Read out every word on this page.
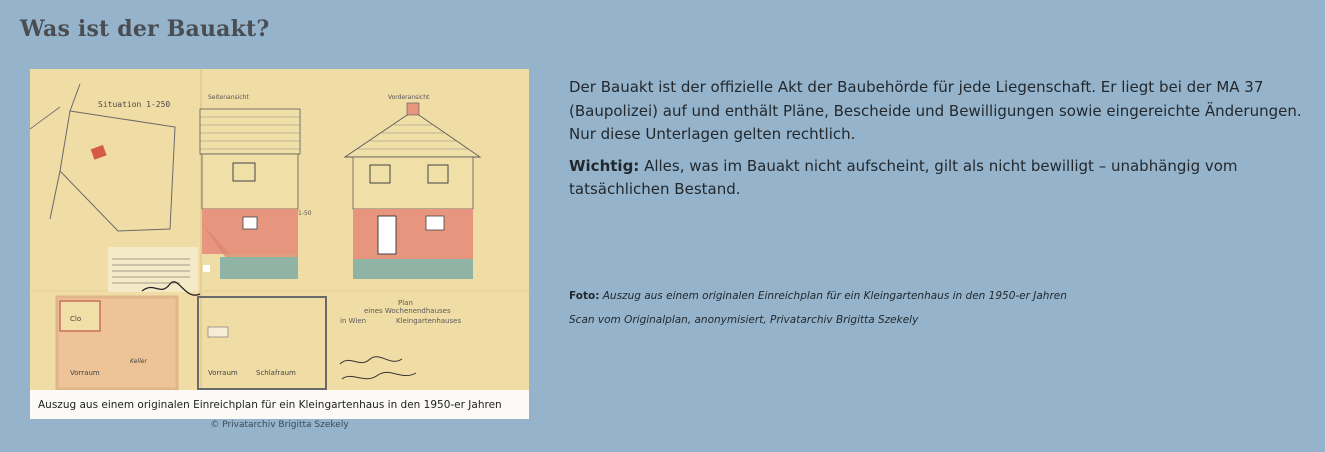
Was ist der Bauakt?
Situation 1-250
Seitenansicht
1-50
Vorderansicht
Clo
Vorraum
Keller
Vorraum	Schlafraum
Plan
eines Wochenendhauses
in Wien	Kleingartenhauses
Auszug aus einem originalen Einreichplan für ein Kleingartenhaus in den 1950-er Jahren
© Privatarchiv Brigitta Szekely

Der Bauakt ist der offizielle Akt der Baubehörde für jede Liegenschaft. Er liegt bei der MA 37 (Baupolizei) auf und enthält Pläne, Bescheide und Bewilligungen sowie eingereichte Änderungen. Nur diese Unterlagen gelten rechtlich.

Wichtig: Alles, was im Bauakt nicht aufscheint, gilt als nicht bewilligt – unabhängig vom tatsächlichen Bestand.

Foto: Auszug aus einem originalen Einreichplan für ein Kleingartenhaus in den 1950-er Jahren
Scan vom Originalplan, anonymisiert, Privatarchiv Brigitta Szekely
